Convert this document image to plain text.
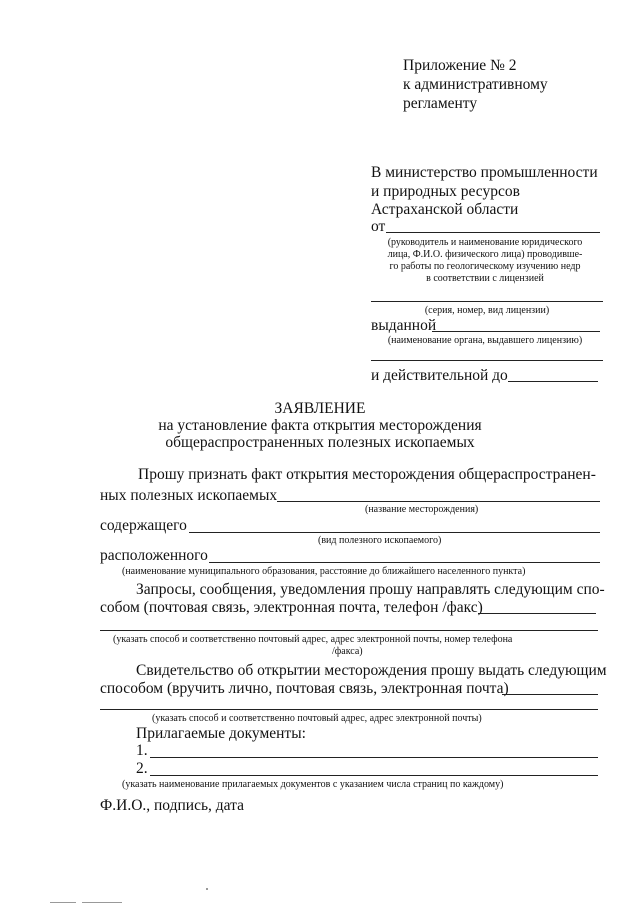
Приложение № 2
к административному
регламенту
В министерство промышленности
и природных ресурсов
Астраханской области
от
(руководитель и наименование юридического
лица, Ф.И.О. физического лица) проводивше-
го работы по геологическому изучению недр
в соответствии с лицензией
(серия, номер, вид лицензии)
выданной
(наименование органа, выдавшего лицензию)
и действительной до
ЗАЯВЛЕНИЕ
на установление факта открытия месторождения
общераспространенных полезных ископаемых
Прошу признать факт открытия месторождения общераспространен-
ных полезных ископаемых
(название месторождения)
содержащего
(вид полезного ископаемого)
расположенного
(наименование муниципального образования, расстояние до ближайшего населенного пункта)
Запросы, сообщения, уведомления прошу направлять следующим спо-
собом (почтовая связь, электронная почта, телефон /факс)
(указать способ и соответственно почтовый адрес, адрес электронной почты, номер телефона
/факса)
Свидетельство об открытии месторождения прошу выдать следующим
способом (вручить лично, почтовая связь, электронная почта)
(указать способ и соответственно почтовый адрес, адрес электронной почты)
Прилагаемые документы:
1.
2.
(указать наименование прилагаемых документов с указанием числа страниц по каждому)
Ф.И.О., подпись, дата
